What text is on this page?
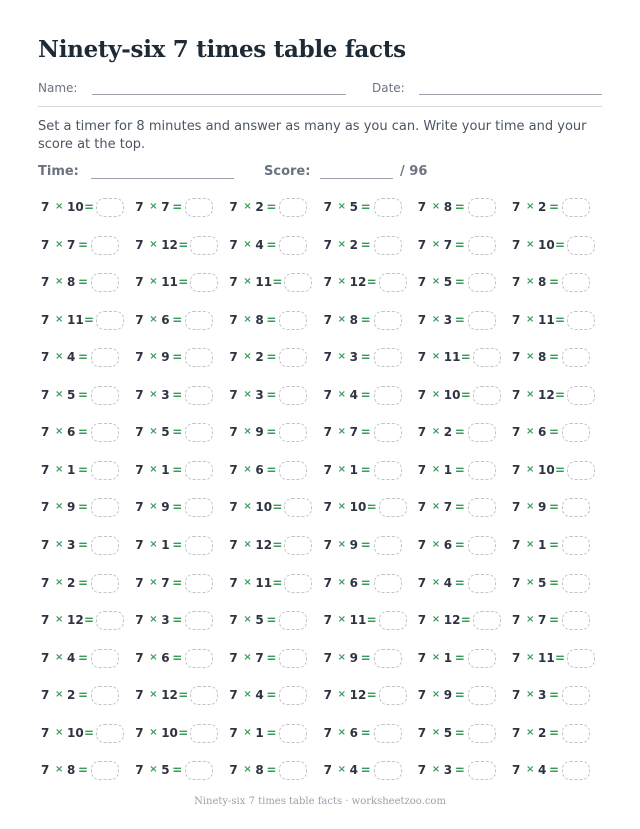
Ninety-six 7 times table facts
Name:	Date:
Set a timer for 8 minutes and answer as many as you can. Write your time and your score at the top.
Time:	Score:	/ 96
7 × 10 =	7 × 7 =	7 × 2 =	7 × 5 =	7 × 8 =	7 × 2 =
7 × 7 =	7 × 12 =	7 × 4 =	7 × 2 =	7 × 7 =	7 × 10 =
7 × 8 =	7 × 11 =	7 × 11 =	7 × 12 =	7 × 5 =	7 × 8 =
7 × 11 =	7 × 6 =	7 × 8 =	7 × 8 =	7 × 3 =	7 × 11 =
7 × 4 =	7 × 9 =	7 × 2 =	7 × 3 =	7 × 11 =	7 × 8 =
7 × 5 =	7 × 3 =	7 × 3 =	7 × 4 =	7 × 10 =	7 × 12 =
7 × 6 =	7 × 5 =	7 × 9 =	7 × 7 =	7 × 2 =	7 × 6 =
7 × 1 =	7 × 1 =	7 × 6 =	7 × 1 =	7 × 1 =	7 × 10 =
7 × 9 =	7 × 9 =	7 × 10 =	7 × 10 =	7 × 7 =	7 × 9 =
7 × 3 =	7 × 1 =	7 × 12 =	7 × 9 =	7 × 6 =	7 × 1 =
7 × 2 =	7 × 7 =	7 × 11 =	7 × 6 =	7 × 4 =	7 × 5 =
7 × 12 =	7 × 3 =	7 × 5 =	7 × 11 =	7 × 12 =	7 × 7 =
7 × 4 =	7 × 6 =	7 × 7 =	7 × 9 =	7 × 1 =	7 × 11 =
7 × 2 =	7 × 12 =	7 × 4 =	7 × 12 =	7 × 9 =	7 × 3 =
7 × 10 =	7 × 10 =	7 × 1 =	7 × 6 =	7 × 5 =	7 × 2 =
7 × 8 =	7 × 5 =	7 × 8 =	7 × 4 =	7 × 3 =	7 × 4 =
Ninety-six 7 times table facts · worksheetzoo.com
